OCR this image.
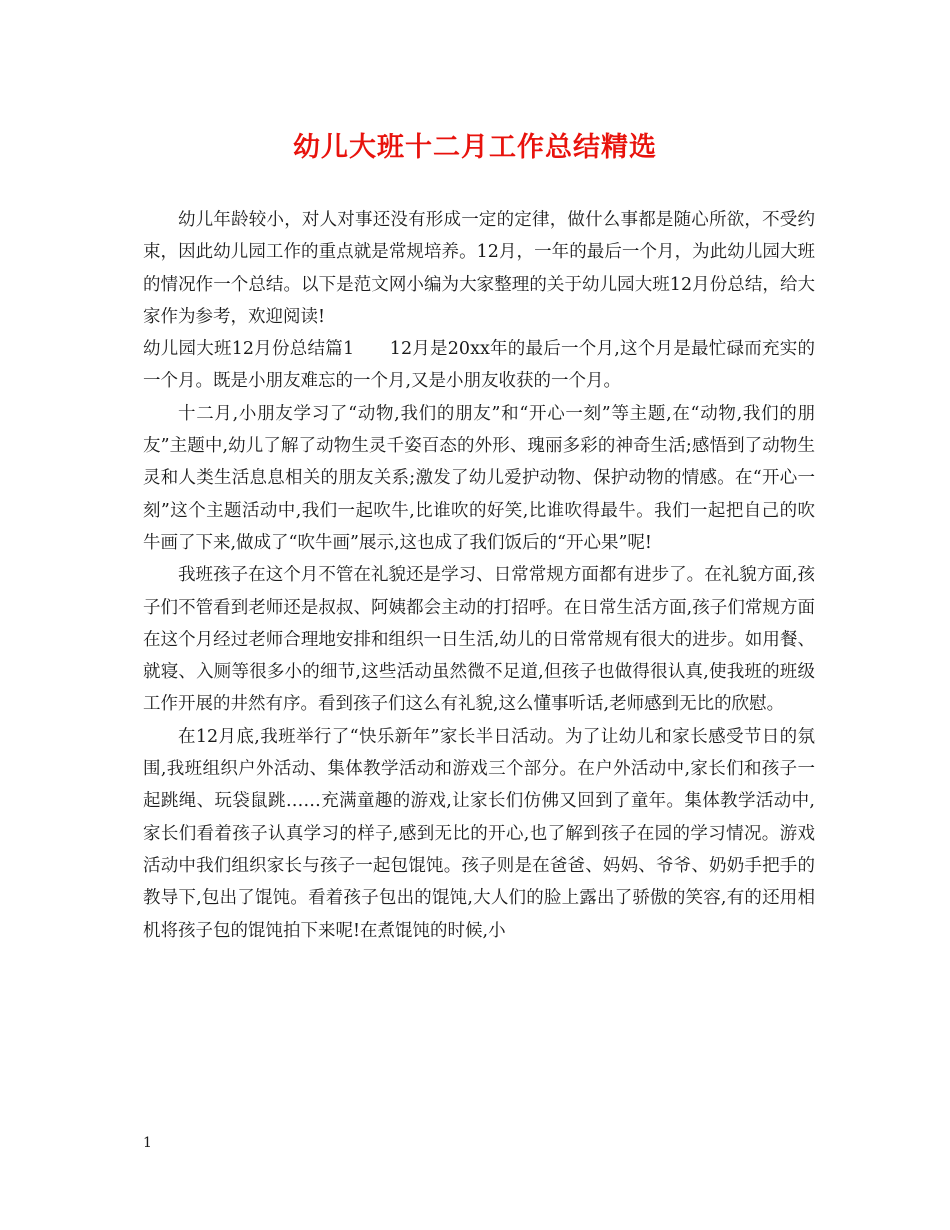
幼儿大班十二月工作总结精选

幼儿年龄较小，对人对事还没有形成一定的定律，做什么事都是随心所欲，不受约束，因此幼儿园工作的重点就是常规培养。12月，一年的最后一个月，为此幼儿园大班的情况作一个总结。以下是范文网小编为大家整理的关于幼儿园大班12月份总结，给大家作为参考，欢迎阅读!

幼儿园大班12月份总结篇1　　12月是20xx年的最后一个月,这个月是最忙碌而充实的一个月。既是小朋友难忘的一个月,又是小朋友收获的一个月。

十二月,小朋友学习了“动物,我们的朋友”和“开心一刻”等主题,在“动物,我们的朋友”主题中,幼儿了解了动物生灵千姿百态的外形、瑰丽多彩的神奇生活;感悟到了动物生灵和人类生活息息相关的朋友关系;激发了幼儿爱护动物、保护动物的情感。在“开心一刻”这个主题活动中,我们一起吹牛,比谁吹的好笑,比谁吹得最牛。我们一起把自己的吹牛画了下来,做成了“吹牛画”展示,这也成了我们饭后的“开心果”呢!

我班孩子在这个月不管在礼貌还是学习、日常常规方面都有进步了。在礼貌方面,孩子们不管看到老师还是叔叔、阿姨都会主动的打招呼。在日常生活方面,孩子们常规方面在这个月经过老师合理地安排和组织一日生活,幼儿的日常常规有很大的进步。如用餐、就寝、入厕等很多小的细节,这些活动虽然微不足道,但孩子也做得很认真,使我班的班级工作开展的井然有序。看到孩子们这么有礼貌,这么懂事听话,老师感到无比的欣慰。

在12月底,我班举行了“快乐新年”家长半日活动。为了让幼儿和家长感受节日的氛围,我班组织户外活动、集体教学活动和游戏三个部分。在户外活动中,家长们和孩子一起跳绳、玩袋鼠跳……充满童趣的游戏,让家长们仿佛又回到了童年。集体教学活动中,家长们看着孩子认真学习的样子,感到无比的开心,也了解到孩子在园的学习情况。游戏活动中我们组织家长与孩子一起包馄饨。孩子则是在爸爸、妈妈、爷爷、奶奶手把手的教导下,包出了馄饨。看着孩子包出的馄饨,大人们的脸上露出了骄傲的笑容,有的还用相机将孩子包的馄饨拍下来呢!在煮馄饨的时候,小

1
